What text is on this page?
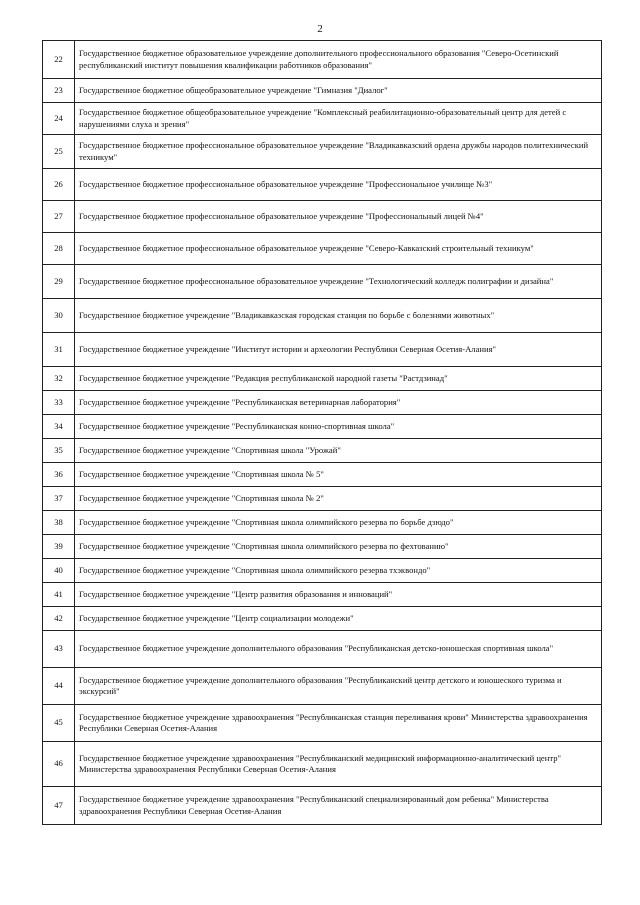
2
22	Государственное бюджетное образовательное учреждение дополнительного профессионального образования "Северо-Осетинский республиканский институт повышения квалификации работников образования"
23	Государственное бюджетное общеобразовательное учреждение "Гимназия "Диалог"
24	Государственное бюджетное общеобразовательное учреждение "Комплексный реабилитационно-образовательный центр для детей с нарушениями слуха и зрения"
25	Государственное бюджетное профессиональное образовательное учреждение "Владикавказский ордена дружбы народов политехнический техникум"
26	Государственное бюджетное профессиональное образовательное учреждение "Профессиональное училище №3"
27	Государственное бюджетное профессиональное образовательное учреждение "Профессиональный лицей №4"
28	Государственное бюджетное профессиональное образовательное учреждение "Северо-Кавказский строительный техникум"
29	Государственное бюджетное профессиональное образовательное учреждение "Технологический колледж полиграфии и дизайна"
30	Государственное бюджетное учреждение "Владикавказская городская станция по борьбе с болезнями животных"
31	Государственное бюджетное учреждение "Институт истории и археологии Республики Северная Осетия-Алания"
32	Государственное бюджетное учреждение "Редакция республиканской народной газеты "Растдзинад"
33	Государственное бюджетное учреждение "Республиканская ветеринарная лаборатория"
34	Государственное бюджетное учреждение "Республиканская конно-спортивная школа"
35	Государственное бюджетное учреждение "Спортивная школа "Урожай"
36	Государственное бюджетное учреждение "Спортивная школа № 5"
37	Государственное бюджетное учреждение "Спортивная школа № 2"
38	Государственное бюджетное учреждение "Спортивная школа олимпийского резерва по борьбе дзюдо"
39	Государственное бюджетное учреждение "Спортивная школа олимпийского резерва по фехтованию"
40	Государственное бюджетное учреждение "Спортивная школа олимпийского резерва тхэквондо"
41	Государственное бюджетное учреждение "Центр развития образования и инноваций"
42	Государственное бюджетное учреждение "Центр социализации молодежи"
43	Государственное бюджетное учреждение дополнительного образования "Республиканская детско-юношеская спортивная школа"
44	Государственное бюджетное учреждение дополнительного образования "Республиканский центр детского и юношеского туризма и экскурсий"
45	Государственное бюджетное учреждение здравоохранения "Республиканская станция переливания крови" Министерства здравоохранения Республики Северная Осетия-Алания
46	Государственное бюджетное учреждение здравоохранения "Республиканский медицинский информационно-аналитический центр" Министерства здравоохранения Республики Северная Осетия-Алания
47	Государственное бюджетное учреждение здравоохранения "Республиканский специализированный дом ребенка" Министерства здравоохранения Республики Северная Осетия-Алания
